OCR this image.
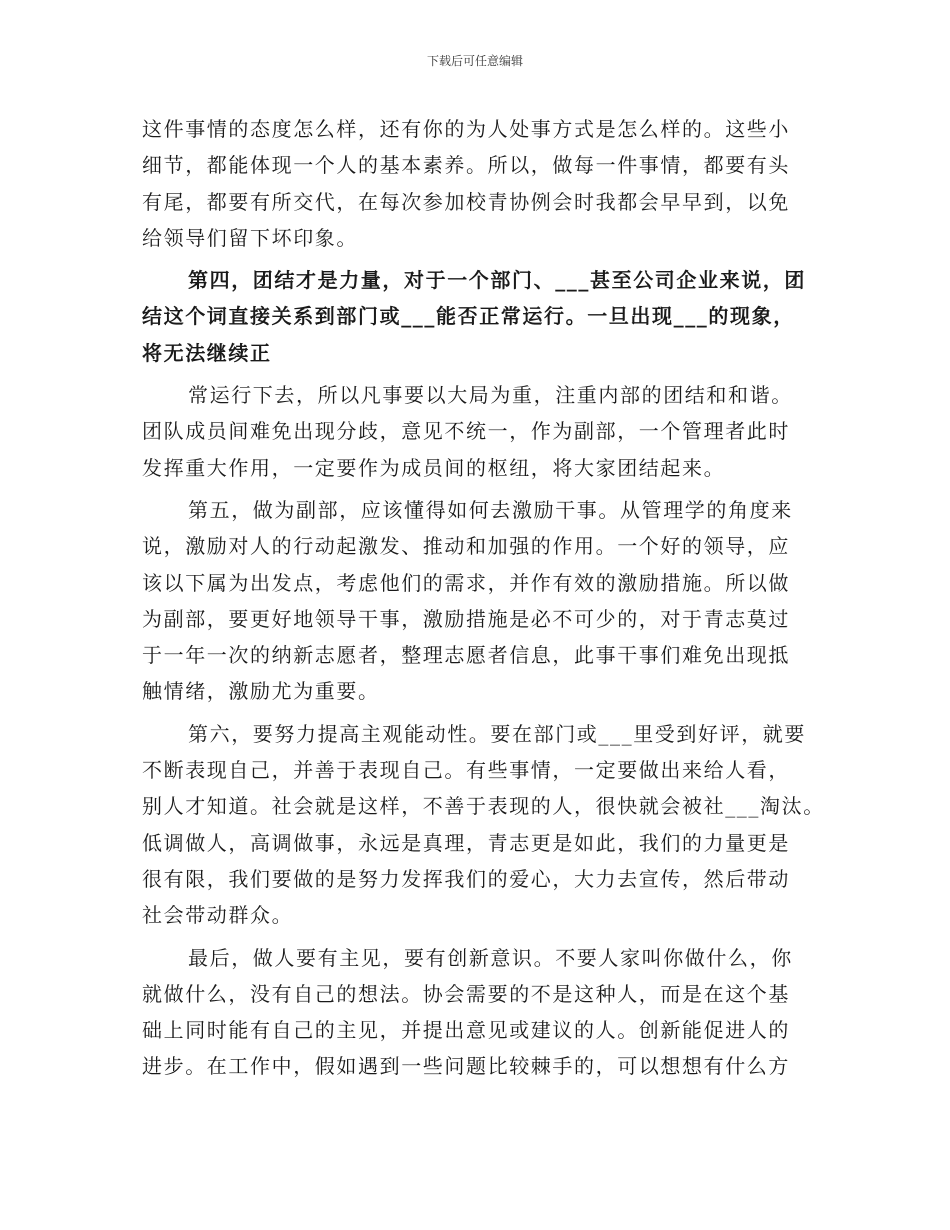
下载后可任意编辑
这件事情的态度怎么样，还有你的为人处事方式是怎么样的。这些小
细节，都能体现一个人的基本素养。所以，做每一件事情，都要有头
有尾，都要有所交代，在每次参加校青协例会时我都会早早到，以免
给领导们留下坏印象。
第四，团结才是力量，对于一个部门、___甚至公司企业来说，团
结这个词直接关系到部门或___能否正常运行。一旦出现___的现象，
将无法继续正
常运行下去，所以凡事要以大局为重，注重内部的团结和和谐。
团队成员间难免出现分歧，意见不统一，作为副部，一个管理者此时
发挥重大作用，一定要作为成员间的枢纽，将大家团结起来。
第五，做为副部，应该懂得如何去激励干事。从管理学的角度来
说，激励对人的行动起激发、推动和加强的作用。一个好的领导，应
该以下属为出发点，考虑他们的需求，并作有效的激励措施。所以做
为副部，要更好地领导干事，激励措施是必不可少的，对于青志莫过
于一年一次的纳新志愿者，整理志愿者信息，此事干事们难免出现抵
触情绪，激励尤为重要。
第六，要努力提高主观能动性。要在部门或___里受到好评，就要
不断表现自己，并善于表现自己。有些事情，一定要做出来给人看，
别人才知道。社会就是这样，不善于表现的人，很快就会被社___淘汰。
低调做人，高调做事，永远是真理，青志更是如此，我们的力量更是
很有限，我们要做的是努力发挥我们的爱心，大力去宣传，然后带动
社会带动群众。
最后，做人要有主见，要有创新意识。不要人家叫你做什么，你
就做什么，没有自己的想法。协会需要的不是这种人，而是在这个基
础上同时能有自己的主见，并提出意见或建议的人。创新能促进人的
进步。在工作中，假如遇到一些问题比较棘手的，可以想想有什么方
